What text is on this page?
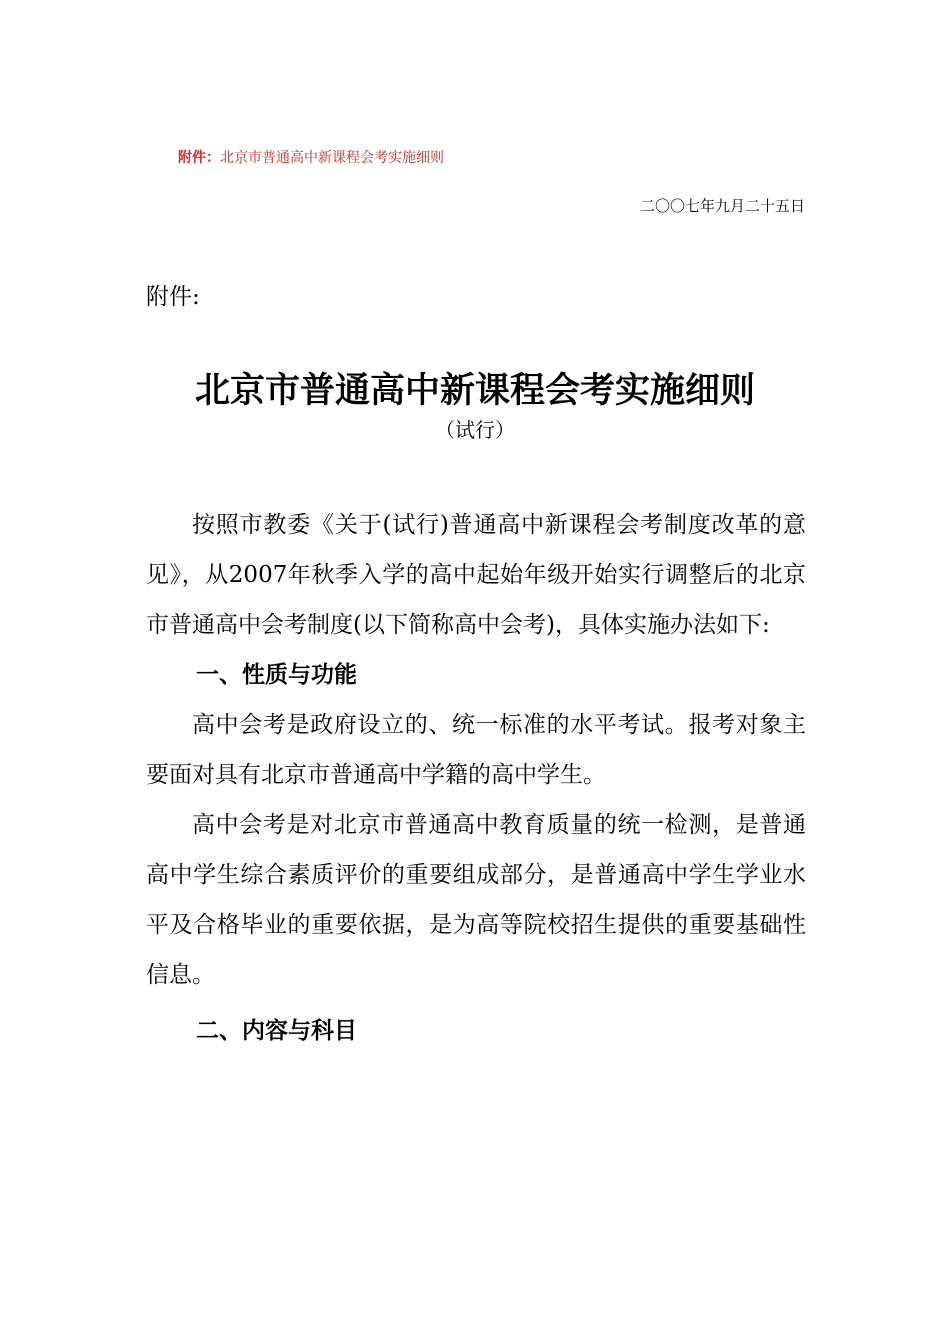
附件：北京市普通高中新课程会考实施细则
二〇〇七年九月二十五日
附件:
北京市普通高中新课程会考实施细则
（试行）

按照市教委《关于(试行)普通高中新课程会考制度改革的意见》，从2007年秋季入学的高中起始年级开始实行调整后的北京市普通高中会考制度(以下简称高中会考)，具体实施办法如下:

一、性质与功能

高中会考是政府设立的、统一标准的水平考试。报考对象主要面对具有北京市普通高中学籍的高中学生。

高中会考是对北京市普通高中教育质量的统一检测，是普通高中学生综合素质评价的重要组成部分，是普通高中学生学业水平及合格毕业的重要依据，是为高等院校招生提供的重要基础性信息。

二、内容与科目
